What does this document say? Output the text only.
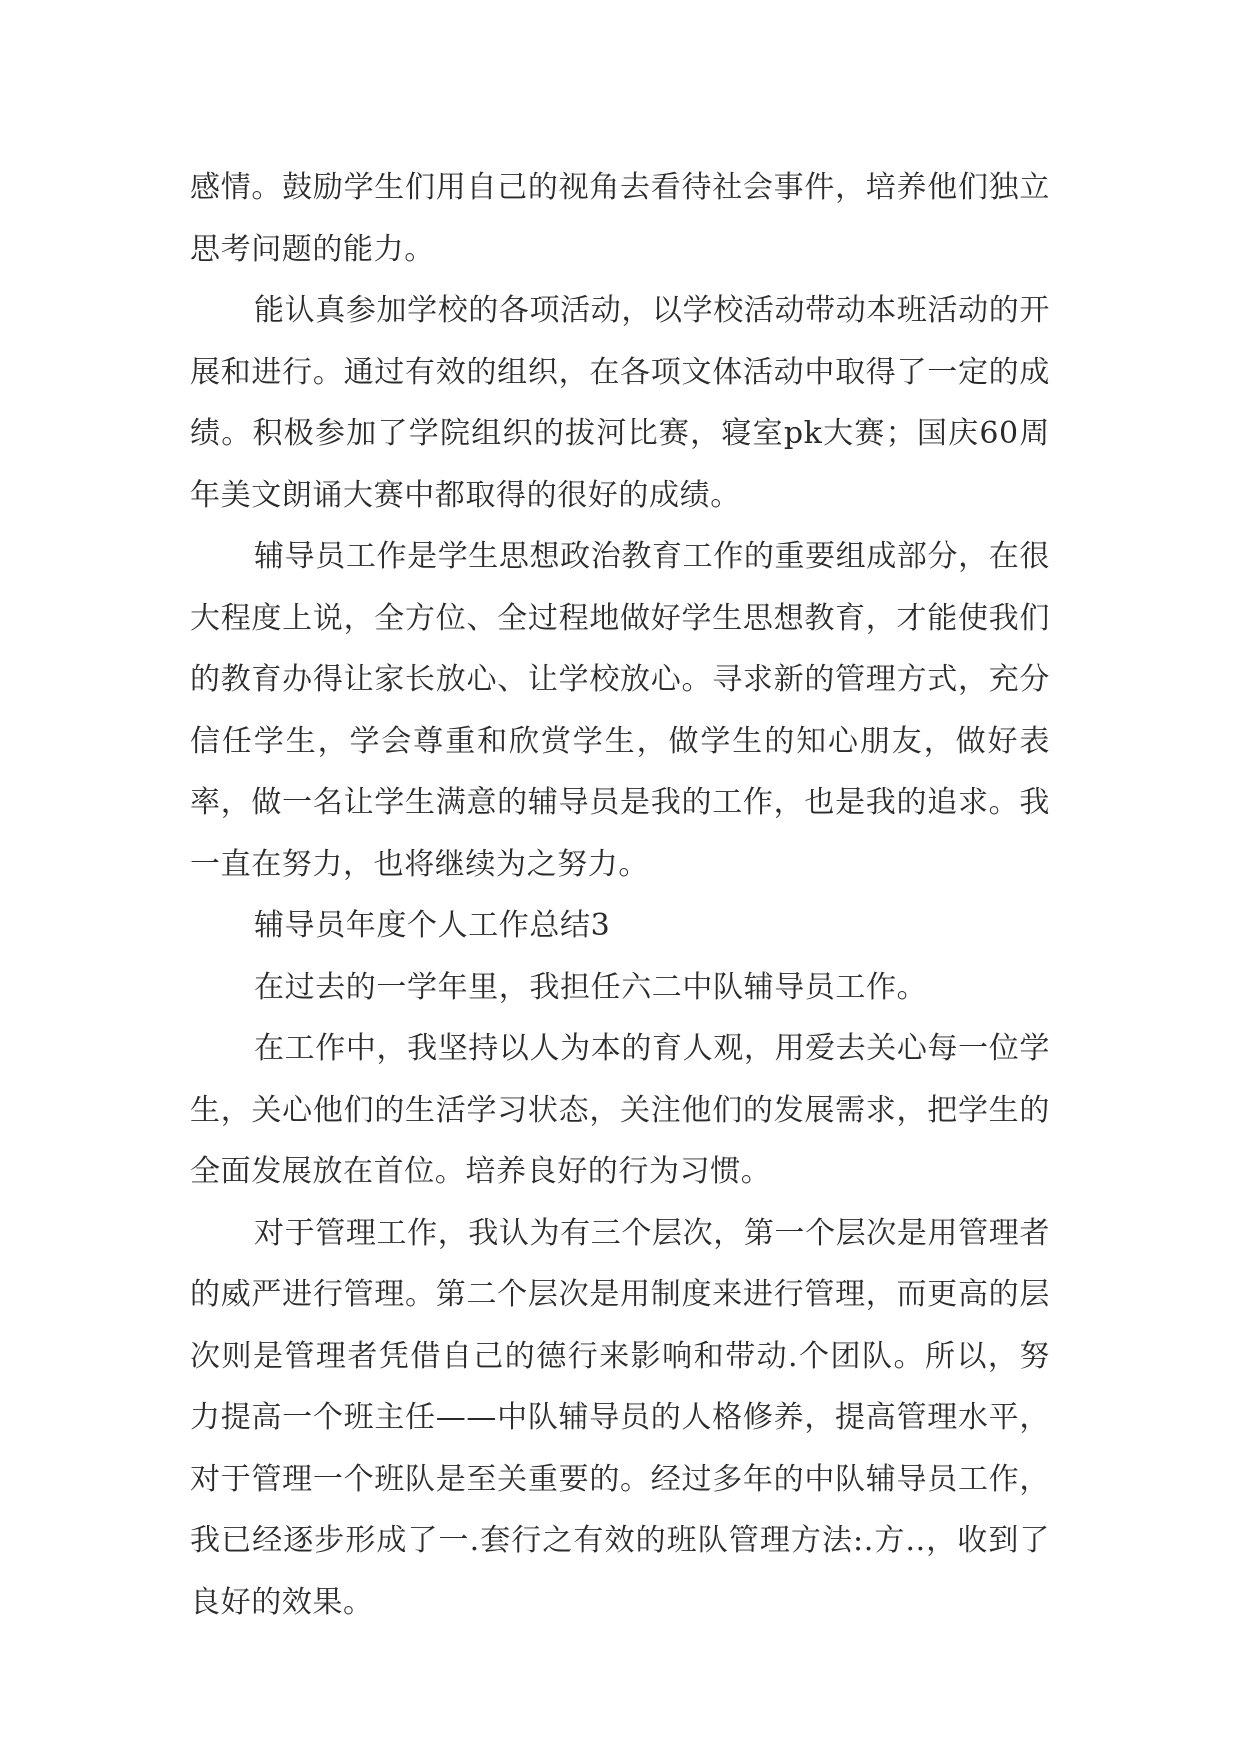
感情。鼓励学生们用自己的视角去看待社会事件，培养他们独立思考问题的能力。

能认真参加学校的各项活动，以学校活动带动本班活动的开展和进行。通过有效的组织，在各项文体活动中取得了一定的成绩。积极参加了学院组织的拔河比赛，寝室pk大赛；国庆60周年美文朗诵大赛中都取得的很好的成绩。

辅导员工作是学生思想政治教育工作的重要组成部分，在很大程度上说，全方位、全过程地做好学生思想教育，才能使我们的教育办得让家长放心、让学校放心。寻求新的管理方式，充分信任学生，学会尊重和欣赏学生，做学生的知心朋友，做好表率，做一名让学生满意的辅导员是我的工作，也是我的追求。我一直在努力，也将继续为之努力。

辅导员年度个人工作总结3

在过去的一学年里，我担任六二中队辅导员工作。

在工作中，我坚持以人为本的育人观，用爱去关心每一位学生，关心他们的生活学习状态，关注他们的发展需求，把学生的全面发展放在首位。培养良好的行为习惯。

对于管理工作，我认为有三个层次，第一个层次是用管理者的威严进行管理。第二个层次是用制度来进行管理，而更高的层次则是管理者凭借自己的德行来影响和带动.个团队。所以，努力提高一个班主任——中队辅导员的人格修养，提高管理水平，对于管理一个班队是至关重要的。经过多年的中队辅导员工作，我已经逐步形成了一.套行之有效的班队管理方法:.方..，收到了良好的效果。
